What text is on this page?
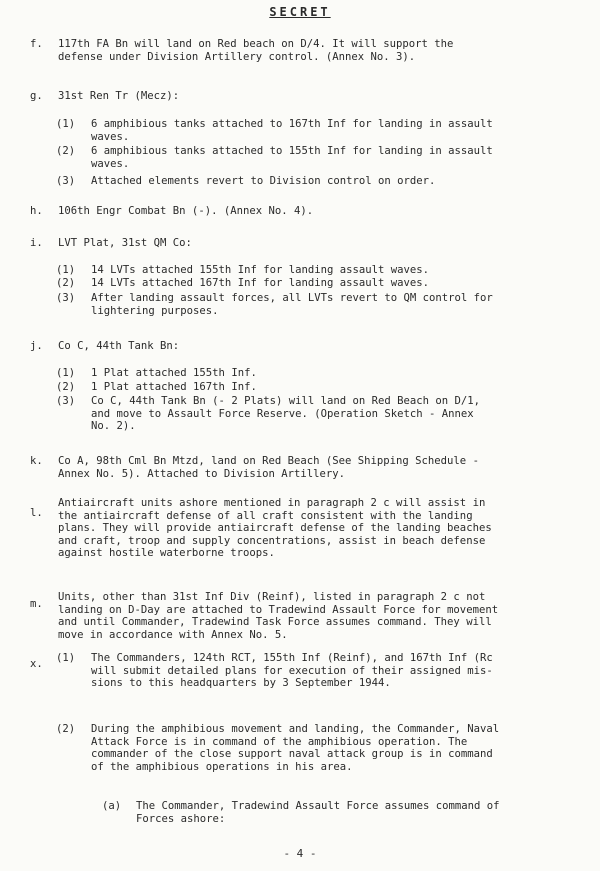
SECRET
f. 117th FA Bn will land on Red beach on D/4. It will support the
defense under Division Artillery control. (Annex No. 3).
g. 31st Ren Tr (Mecz):
(1) 6 amphibious tanks attached to 167th Inf for landing in assault
waves.
(2) 6 amphibious tanks attached to 155th Inf for landing in assault
waves.
(3) Attached elements revert to Division control on order.
h. 106th Engr Combat Bn (-). (Annex No. 4).
i. LVT Plat, 31st QM Co:
(1) 14 LVTs attached 155th Inf for landing assault waves.
(2) 14 LVTs attached 167th Inf for landing assault waves.
(3) After landing assault forces, all LVTs revert to QM control for
lightering purposes.
j. Co C, 44th Tank Bn:
(1) 1 Plat attached 155th Inf.
(2) 1 Plat attached 167th Inf.
(3) Co C, 44th Tank Bn (- 2 Plats) will land on Red Beach on D/1,
and move to Assault Force Reserve. (Operation Sketch - Annex
No. 2).
k. Co A, 98th Cml Bn Mtzd, land on Red Beach (See Shipping Schedule -
Annex No. 5). Attached to Division Artillery.
l.
Antiaircraft units ashore mentioned in paragraph 2 c will assist in
the antiaircraft defense of all craft consistent with the landing
plans. They will provide antiaircraft defense of the landing beaches
and craft, troop and supply concentrations, assist in beach defense
against hostile waterborne troops.
m.
Units, other than 31st Inf Div (Reinf), listed in paragraph 2 c not
landing on D-Day are attached to Tradewind Assault Force for movement
and until Commander, Tradewind Task Force assumes command. They will
move in accordance with Annex No. 5.
x. (1) The Commanders, 124th RCT, 155th Inf (Reinf), and 167th Inf (Rc
will submit detailed plans for execution of their assigned mis-
sions to this headquarters by 3 September 1944.
(2) During the amphibious movement and landing, the Commander, Naval
Attack Force is in command of the amphibious operation. The
commander of the close support naval attack group is in command
of the amphibious operations in his area.
(a) The Commander, Tradewind Assault Force assumes command of
Forces ashore:
- 4 -
